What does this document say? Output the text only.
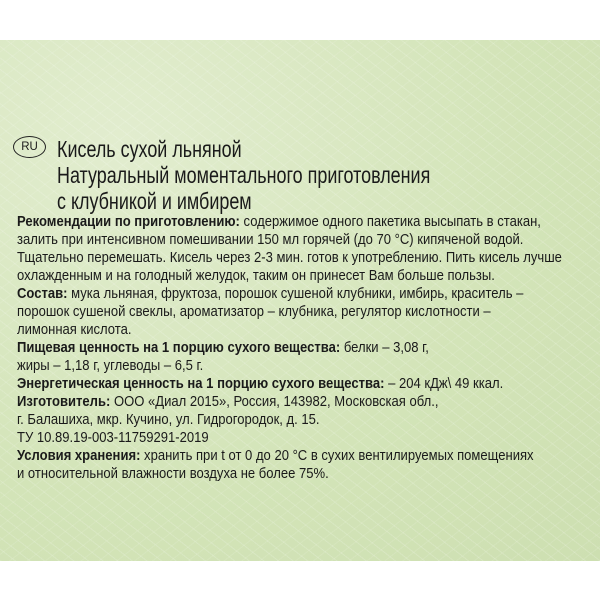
RU Кисель сухой льняной
Натуральный моментального приготовления
с клубникой и имбирем
Рекомендации по приготовлению: содержимое одного пакетика высыпать в стакан,
залить при интенсивном помешивании 150 мл горячей (до 70 °С) кипяченой водой.
Тщательно перемешать. Кисель через 2-3 мин. готов к употреблению. Пить кисель лучше
охлажденным и на голодный желудок, таким он принесет Вам больше пользы.
Состав: мука льняная, фруктоза, порошок сушеной клубники, имбирь, краситель –
порошок сушеной свеклы, ароматизатор – клубника, регулятор кислотности –
лимонная кислота.
Пищевая ценность на 1 порцию сухого вещества: белки – 3,08 г,
жиры – 1,18 г, углеводы – 6,5 г.
Энергетическая ценность на 1 порцию сухого вещества: – 204 кДж\ 49 ккал.
Изготовитель: ООО «Диал 2015», Россия, 143982, Московская обл.,
г. Балашиха, мкр. Кучино, ул. Гидрогородок, д. 15.
ТУ 10.89.19-003-11759291-2019
Условия хранения: хранить при t от 0 до 20 °С в сухих вентилируемых помещениях
и относительной влажности воздуха не более 75%.
